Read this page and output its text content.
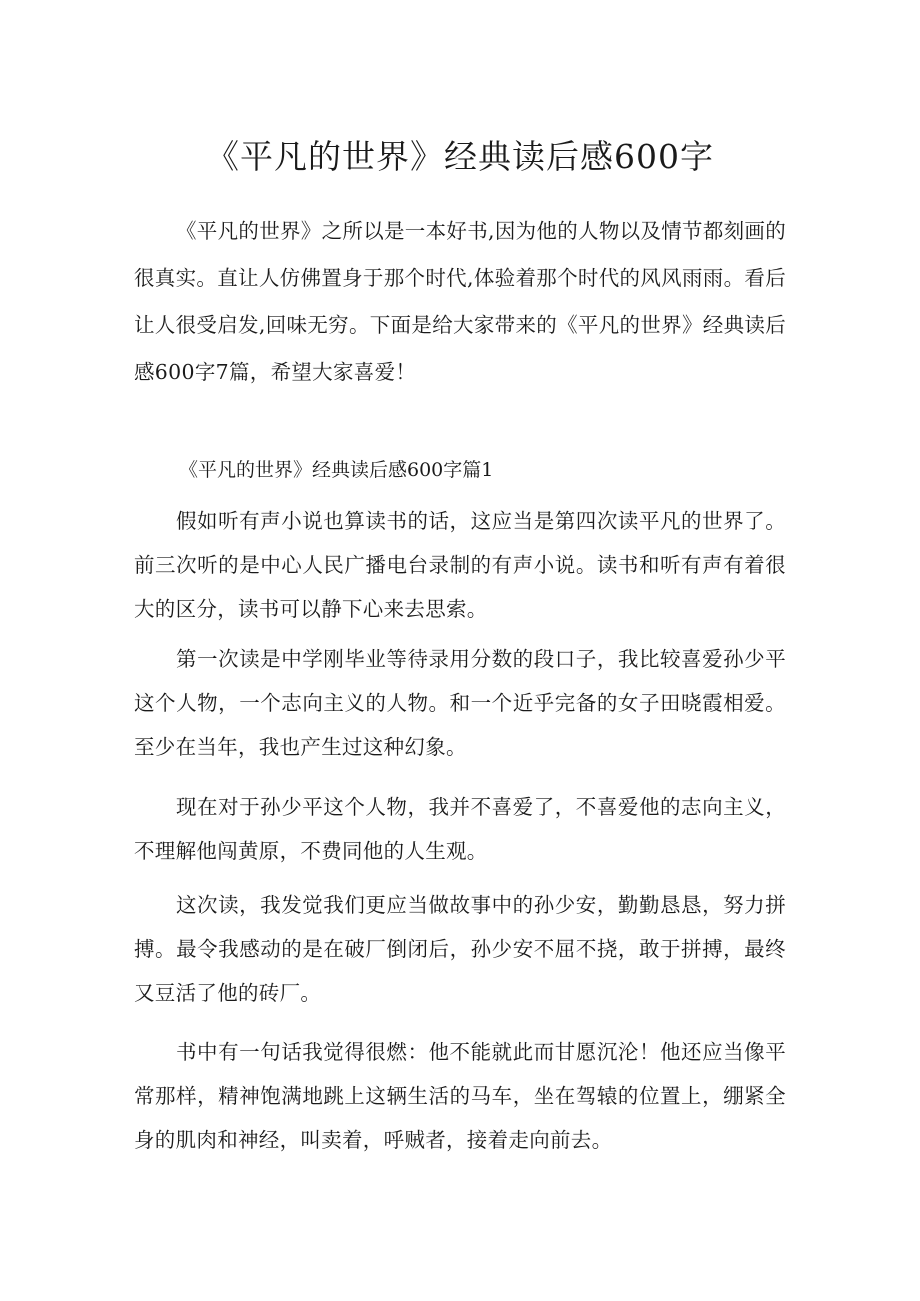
《平凡的世界》经典读后感600字

《平凡的世界》之所以是一本好书,因为他的人物以及情节都刻画的很真实。直让人仿佛置身于那个时代,体验着那个时代的风风雨雨。看后让人很受启发,回味无穷。下面是给大家带来的《平凡的世界》经典读后感600字7篇，希望大家喜爱！

《平凡的世界》经典读后感600字篇1

假如听有声小说也算读书的话，这应当是第四次读平凡的世界了。前三次听的是中心人民广播电台录制的有声小说。读书和听有声有着很大的区分，读书可以静下心来去思索。

第一次读是中学刚毕业等待录用分数的段口子，我比较喜爱孙少平这个人物，一个志向主义的人物。和一个近乎完备的女子田晓霞相爱。至少在当年，我也产生过这种幻象。

现在对于孙少平这个人物，我并不喜爱了，不喜爱他的志向主义，不理解他闯黄原，不费同他的人生观。

这次读，我发觉我们更应当做故事中的孙少安，勤勤恳恳，努力拼搏。最令我感动的是在破厂倒闭后，孙少安不屈不挠，敢于拼搏，最终又豆活了他的砖厂。

书中有一句话我觉得很燃：他不能就此而甘愿沉沦！他还应当像平常那样，精神饱满地跳上这辆生活的马车，坐在驾辕的位置上，绷紧全身的肌肉和神经，叫卖着，呼贼者，接着走向前去。
